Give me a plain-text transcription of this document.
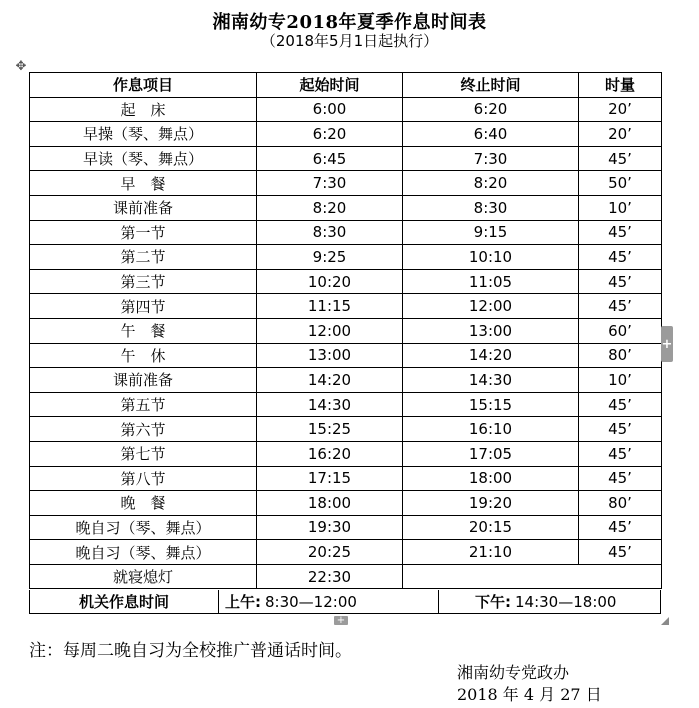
湘南幼专2018年夏季作息时间表
（2018年5月1日起执行）
✥
作息项目	起始时间	终止时间	时量
起　床	6:00	6:20	20’
早操（琴、舞点）	6:20	6:40	20’
早读（琴、舞点）	6:45	7:30	45’
早　餐	7:30	8:20	50’
课前准备	8:20	8:30	10’
第一节	8:30	9:15	45’
第二节	9:25	10:10	45’
第三节	10:20	11:05	45’
第四节	11:15	12:00	45’
午　餐	12:00	13:00	60’
午　休	13:00	14:20	80’
课前准备	14:20	14:30	10’
第五节	14:30	15:15	45’
第六节	15:25	16:10	45’
第七节	16:20	17:05	45’
第八节	17:15	18:00	45’
晚　餐	18:00	19:20	80’
晚自习（琴、舞点）	19:30	20:15	45’
晚自习（琴、舞点）	20:25	21:10	45’
就寝熄灯	22:30		
机关作息时间	上午: 8:30—12:00	下午: 14:30—18:00
+
+
注：每周二晚自习为全校推广普通话时间。
湘南幼专党政办
2018 年 4 月 27 日
